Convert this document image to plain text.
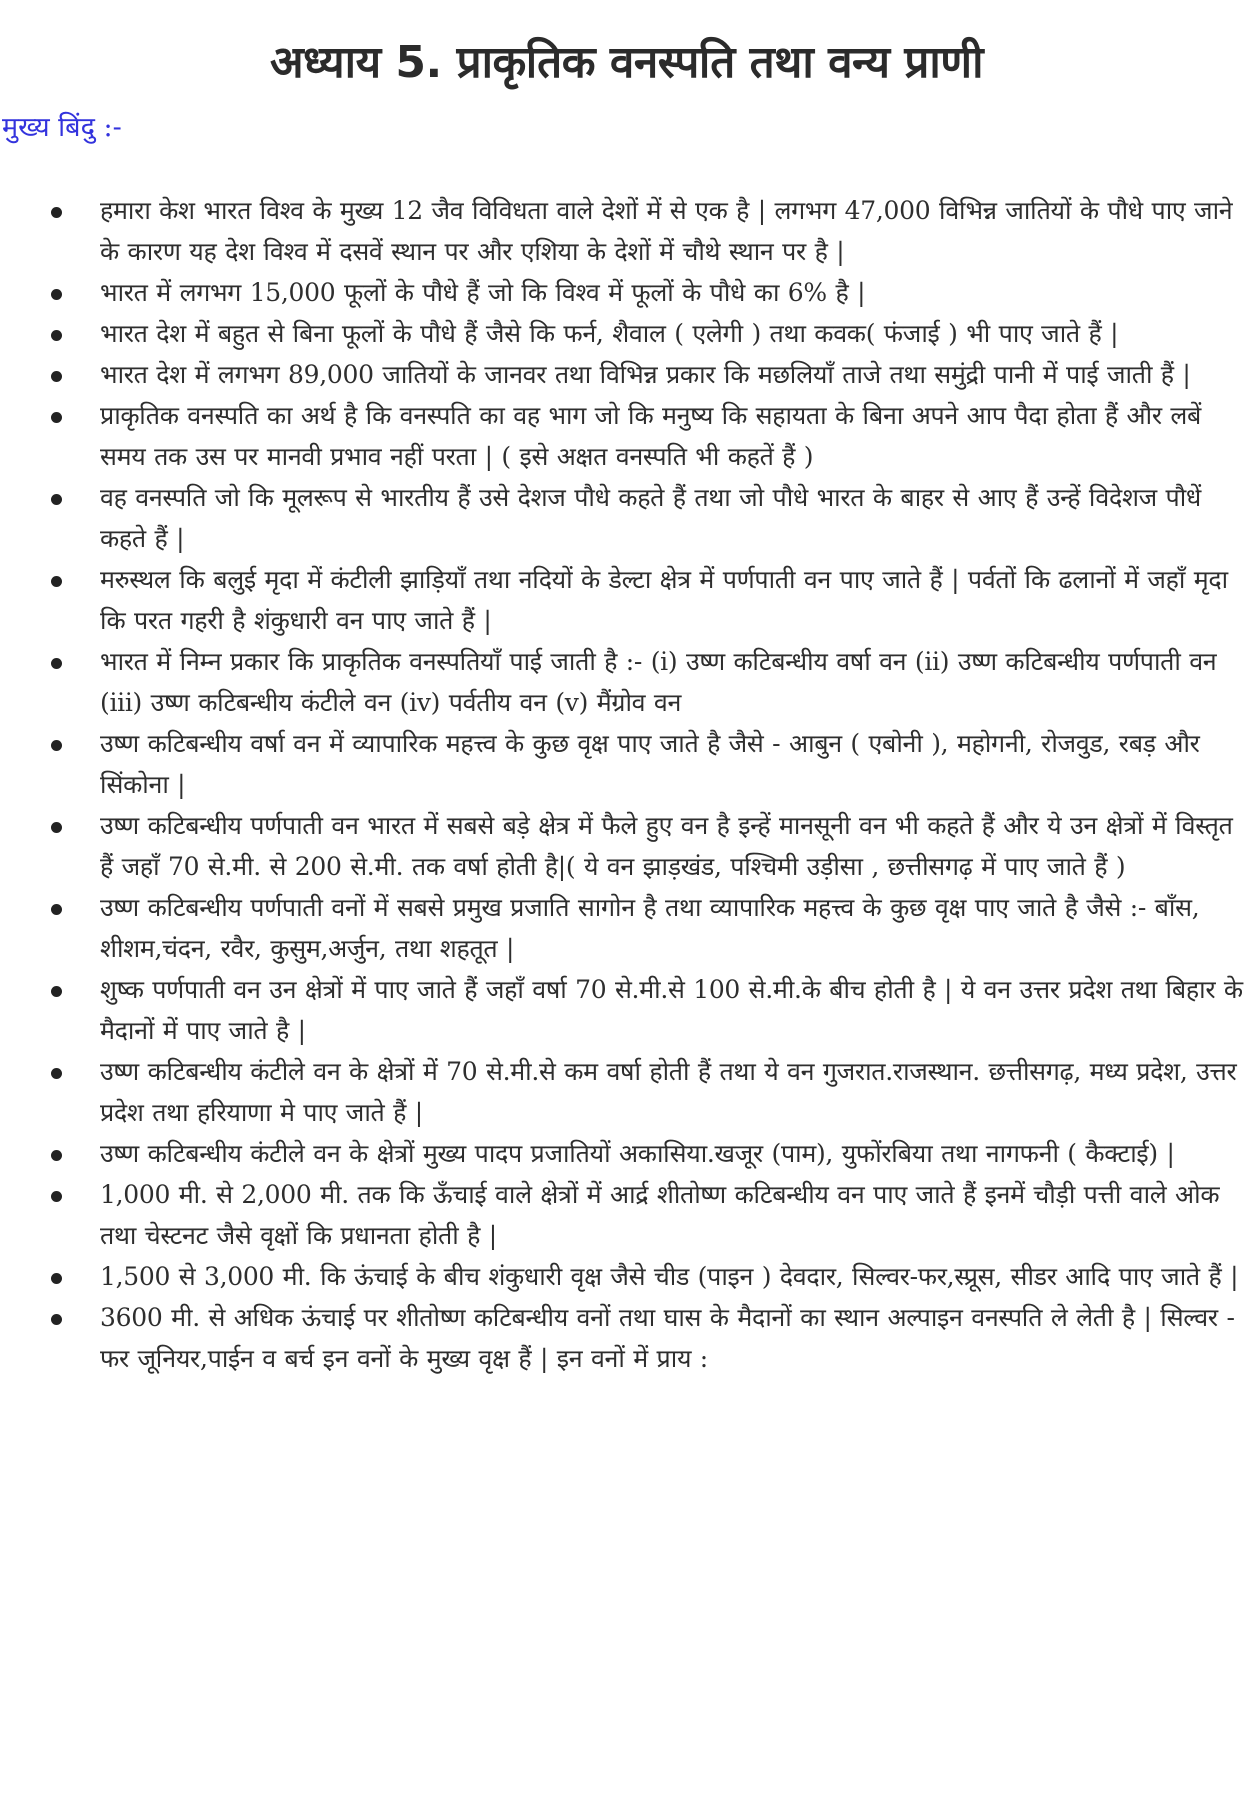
अध्याय 5. प्राकृतिक वनस्पति तथा वन्य प्राणी
मुख्य बिंदु :-
हमारा केश भारत विश्व के मुख्य 12 जैव विविधता वाले देशों में से एक है | लगभग 47,000 विभिन्न जातियों के पौधे पाए जाने के कारण यह देश विश्व में दसवें स्थान पर और एशिया के देशों में चौथे स्थान पर है |
भारत में लगभग 15,000 फूलों के पौधे हैं जो कि विश्व में फूलों के पौधे का 6% है |
भारत देश में बहुत से बिना फूलों के पौधे हैं जैसे कि फर्न, शैवाल ( एलेगी ) तथा कवक( फंजाई ) भी पाए जाते हैं |
भारत देश में लगभग 89,000 जातियों के जानवर तथा विभिन्न प्रकार कि मछलियाँ ताजे तथा समुंद्री पानी में पाई जाती हैं |
प्राकृतिक वनस्पति का अर्थ है कि वनस्पति का वह भाग जो कि मनुष्य कि सहायता के बिना अपने आप पैदा होता हैं और लबें समय तक उस पर मानवी प्रभाव नहीं परता | ( इसे अक्षत वनस्पति भी कहतें हैं )
वह वनस्पति जो कि मूलरूप से भारतीय हैं उसे देशज पौधे कहते हैं तथा जो पौधे भारत के बाहर से आए हैं उन्हें विदेशज पौधें कहते हैं |
मरुस्थल कि बलुई मृदा में कंटीली झाड़ियाँ तथा नदियों के डेल्टा क्षेत्र में पर्णपाती वन पाए जाते हैं | पर्वतों कि ढलानों में जहाँ मृदा कि परत गहरी है शंकुधारी वन पाए जाते हैं |
भारत में निम्न प्रकार कि प्राकृतिक वनस्पतियाँ पाई जाती है :- (i) उष्ण कटिबन्धीय वर्षा वन (ii) उष्ण कटिबन्धीय पर्णपाती वन (iii) उष्ण कटिबन्धीय कंटीले वन (iv) पर्वतीय वन (v) मैंग्रोव वन
उष्ण कटिबन्धीय वर्षा वन में व्यापारिक महत्त्व के कुछ वृक्ष पाए जाते है जैसे - आबुन ( एबोनी ), महोगनी, रोजवुड, रबड़ और सिंकोना |
उष्ण कटिबन्धीय पर्णपाती वन भारत में सबसे बड़े क्षेत्र में फैले हुए वन है इन्हें मानसूनी वन भी कहते हैं और ये उन क्षेत्रों में विस्तृत हैं जहाँ 70 से.मी. से 200 से.मी. तक वर्षा होती है|( ये वन झाड़खंड, पश्चिमी उड़ीसा , छत्तीसगढ़ में पाए जाते हैं )
उष्ण कटिबन्धीय पर्णपाती वनों में सबसे प्रमुख प्रजाति सागोन है तथा व्यापारिक महत्त्व के कुछ वृक्ष पाए जाते है जैसे :- बाँस, शीशम,चंदन, रवैर, कुसुम,अर्जुन, तथा शहतूत |
शुष्क पर्णपाती वन उन क्षेत्रों में पाए जाते हैं जहाँ वर्षा 70 से.मी.से 100 से.मी.के बीच होती है | ये वन उत्तर प्रदेश तथा बिहार के मैदानों में पाए जाते है |
उष्ण कटिबन्धीय कंटीले वन के क्षेत्रों में 70 से.मी.से कम वर्षा होती हैं तथा ये वन गुजरात.राजस्थान. छत्तीसगढ़, मध्य प्रदेश, उत्तर प्रदेश तथा हरियाणा मे पाए जाते हैं |
उष्ण कटिबन्धीय कंटीले वन के क्षेत्रों मुख्य पादप प्रजातियों अकासिया.खजूर (पाम), युफोंरबिया तथा नागफनी ( कैक्टाई) |
1,000 मी. से 2,000 मी. तक कि ऊँचाई वाले क्षेत्रों में आर्द्र शीतोष्ण कटिबन्धीय वन पाए जाते हैं इनमें चौड़ी पत्ती वाले ओक तथा चेस्टनट जैसे वृक्षों कि प्रधानता होती है |
1,500 से 3,000 मी. कि ऊंचाई के बीच शंकुधारी वृक्ष जैसे चीड (पाइन ) देवदार, सिल्वर-फर,स्प्रूस, सीडर आदि पाए जाते हैं |
3600 मी. से अधिक ऊंचाई पर शीतोष्ण कटिबन्धीय वनों तथा घास के मैदानों का स्थान अल्पाइन वनस्पति ले लेती है | सिल्वर - फर जूनियर,पाईन व बर्च इन वनों के मुख्य वृक्ष हैं | इन वनों में प्राय :
